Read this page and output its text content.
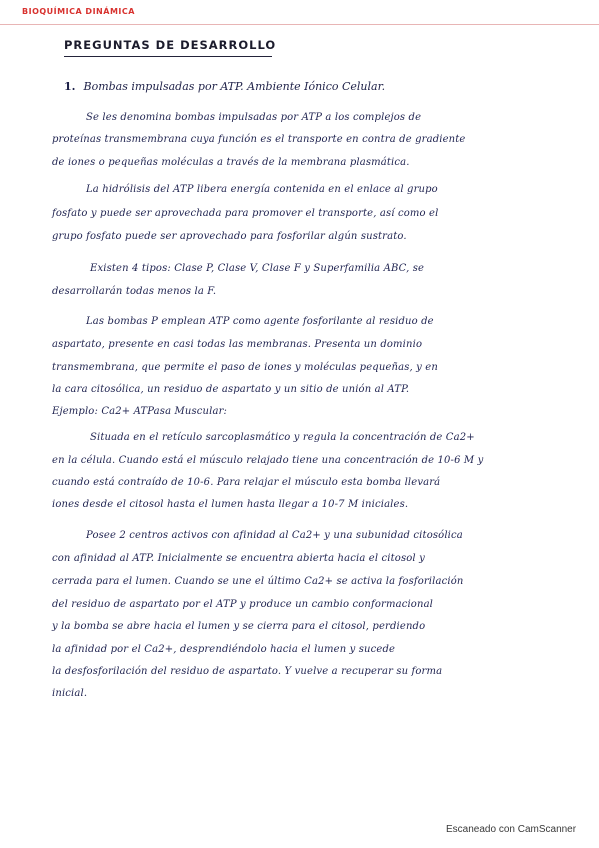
BIOQUÍMICA DINÁMICA
PREGUNTAS DE DESARROLLO
1. Bombas impulsadas por ATP. Ambiente Iónico Celular.
Se les denomina bombas impulsadas por ATP a los complejos de
proteínas transmembrana cuya función es el transporte en contra de gradiente
de iones o pequeñas moléculas a través de la membrana plasmática.
La hidrólisis del ATP libera energía contenida en el enlace al grupo
fosfato y puede ser aprovechada para promover el transporte, así como el
grupo fosfato puede ser aprovechado para fosforilar algún sustrato.
Existen 4 tipos: Clase P, Clase V, Clase F y Superfamilia ABC, se
desarrollarán todas menos la F.
Las bombas P emplean ATP como agente fosforilante al residuo de
aspartato, presente en casi todas las membranas. Presenta un dominio
transmembrana, que permite el paso de iones y moléculas pequeñas, y en
la cara citosólica, un residuo de aspartato y un sitio de unión al ATP.
Ejemplo: Ca2+ ATPasa Muscular:
Situada en el retículo sarcoplasmático y regula la concentración de Ca2+
en la célula. Cuando está el músculo relajado tiene una concentración de 10-6 M y
cuando está contraído de 10-6. Para relajar el músculo esta bomba llevará
iones desde el citosol hasta el lumen hasta llegar a 10-7 M iniciales.
Posee 2 centros activos con afinidad al Ca2+ y una subunidad citosólica
con afinidad al ATP. Inicialmente se encuentra abierta hacia el citosol y
cerrada para el lumen. Cuando se une el último Ca2+ se activa la fosforilación
del residuo de aspartato por el ATP y produce un cambio conformacional
y la bomba se abre hacia el lumen y se cierra para el citosol, perdiendo
la afinidad por el Ca2+, desprendiéndolo hacia el lumen y sucede
la desfosforilación del residuo de aspartato. Y vuelve a recuperar su forma
inicial.
Escaneado con CamScanner
